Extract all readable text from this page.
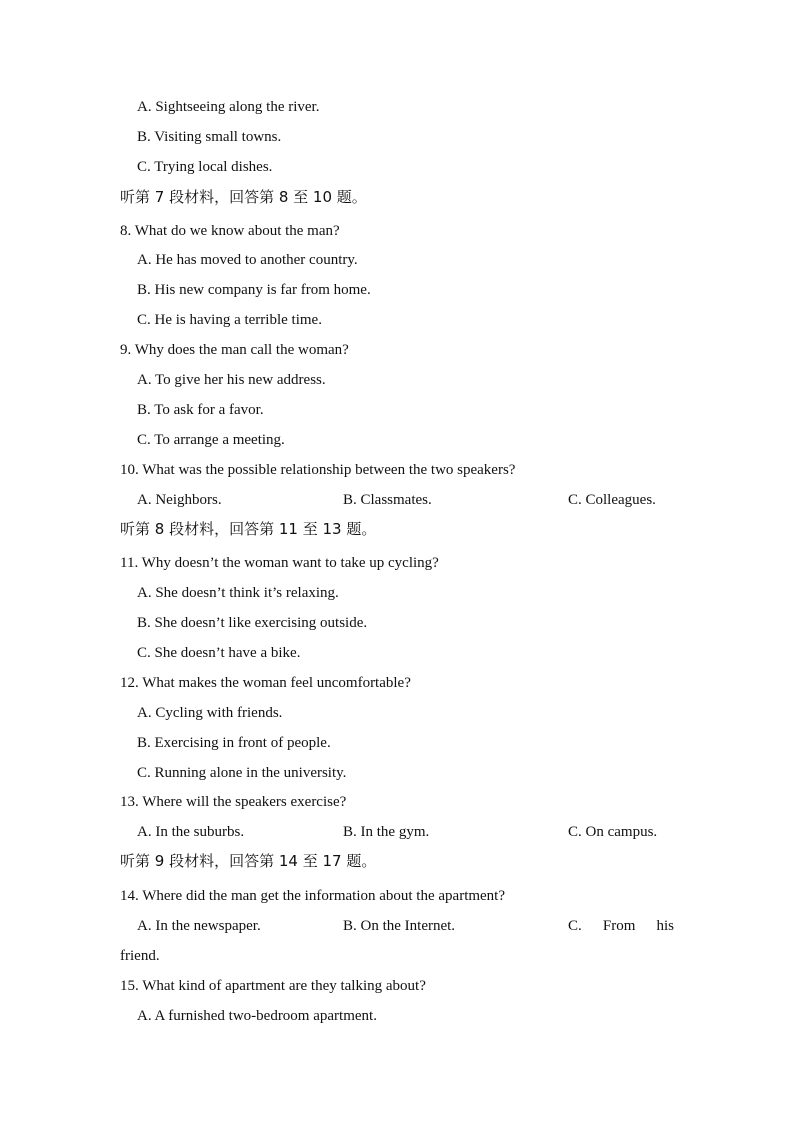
A. Sightseeing along the river.
B. Visiting small towns.
C. Trying local dishes.
听第 7 段材料，回答第 8 至 10 题。
8. What do we know about the man?
A. He has moved to another country.
B. His new company is far from home.
C. He is having a terrible time.
9. Why does the man call the woman?
A. To give her his new address.
B. To ask for a favor.
C. To arrange a meeting.
10. What was the possible relationship between the two speakers?
A. Neighbors.	B. Classmates.	C. Colleagues.
听第 8 段材料，回答第 11 至 13 题。
11. Why doesn’t the woman want to take up cycling?
A. She doesn’t think it’s relaxing.
B. She doesn’t like exercising outside.
C. She doesn’t have a bike.
12. What makes the woman feel uncomfortable?
A. Cycling with friends.
B. Exercising in front of people.
C. Running alone in the university.
13. Where will the speakers exercise?
A. In the suburbs.	B. In the gym.	C. On campus.
听第 9 段材料，回答第 14 至 17 题。
14. Where did the man get the information about the apartment?
A. In the newspaper.	B. On the Internet.	C. From his
friend.
15. What kind of apartment are they talking about?
A. A furnished two-bedroom apartment.
